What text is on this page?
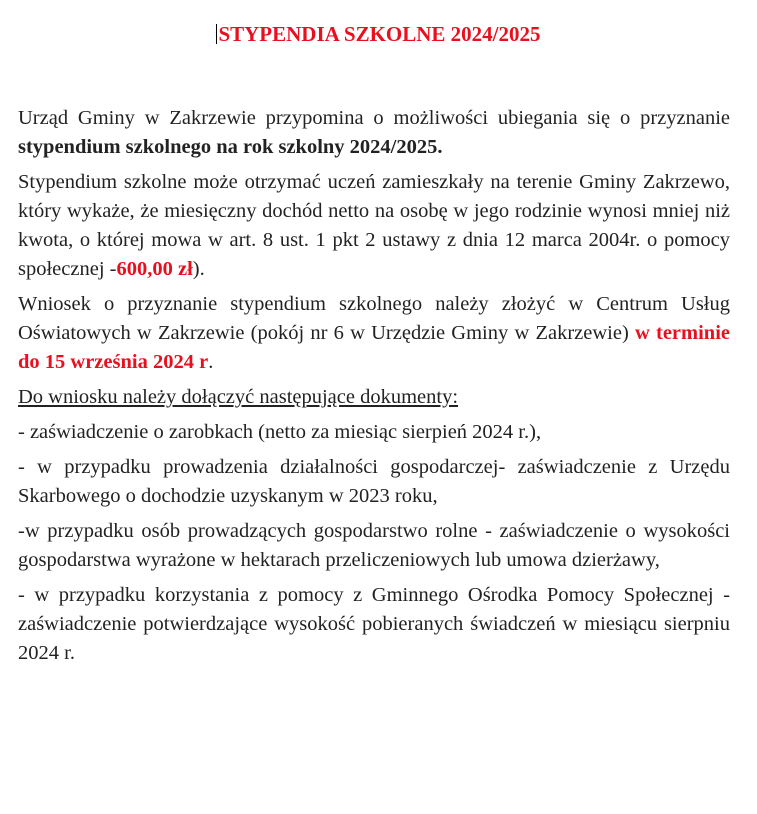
STYPENDIA SZKOLNE 2024/2025

Urząd Gminy w Zakrzewie przypomina o możliwości ubiegania się o przyznanie stypendium szkolnego na rok szkolny 2024/2025.

Stypendium szkolne może otrzymać uczeń zamieszkały na terenie Gminy Zakrzewo, który wykaże, że miesięczny dochód netto na osobę w jego rodzinie wynosi mniej niż kwota, o której mowa w art. 8 ust. 1 pkt 2 ustawy z dnia 12 marca 2004r. o pomocy społecznej -600,00 zł).

Wniosek o przyznanie stypendium szkolnego należy złożyć w Centrum Usług Oświatowych w Zakrzewie (pokój nr 6 w Urzędzie Gminy w Zakrzewie) w terminie do 15 września 2024 r.

Do wniosku należy dołączyć następujące dokumenty:

- zaświadczenie o zarobkach (netto za miesiąc sierpień 2024 r.),

- w przypadku prowadzenia działalności gospodarczej- zaświadczenie z Urzędu Skarbowego o dochodzie uzyskanym w 2023 roku,

-w przypadku osób prowadzących gospodarstwo rolne - zaświadczenie o wysokości gospodarstwa wyrażone w hektarach przeliczeniowych lub umowa dzierżawy,

- w przypadku korzystania z pomocy z Gminnego Ośrodka Pomocy Społecznej - zaświadczenie potwierdzające wysokość pobieranych świadczeń w miesiącu sierpniu 2024 r.
